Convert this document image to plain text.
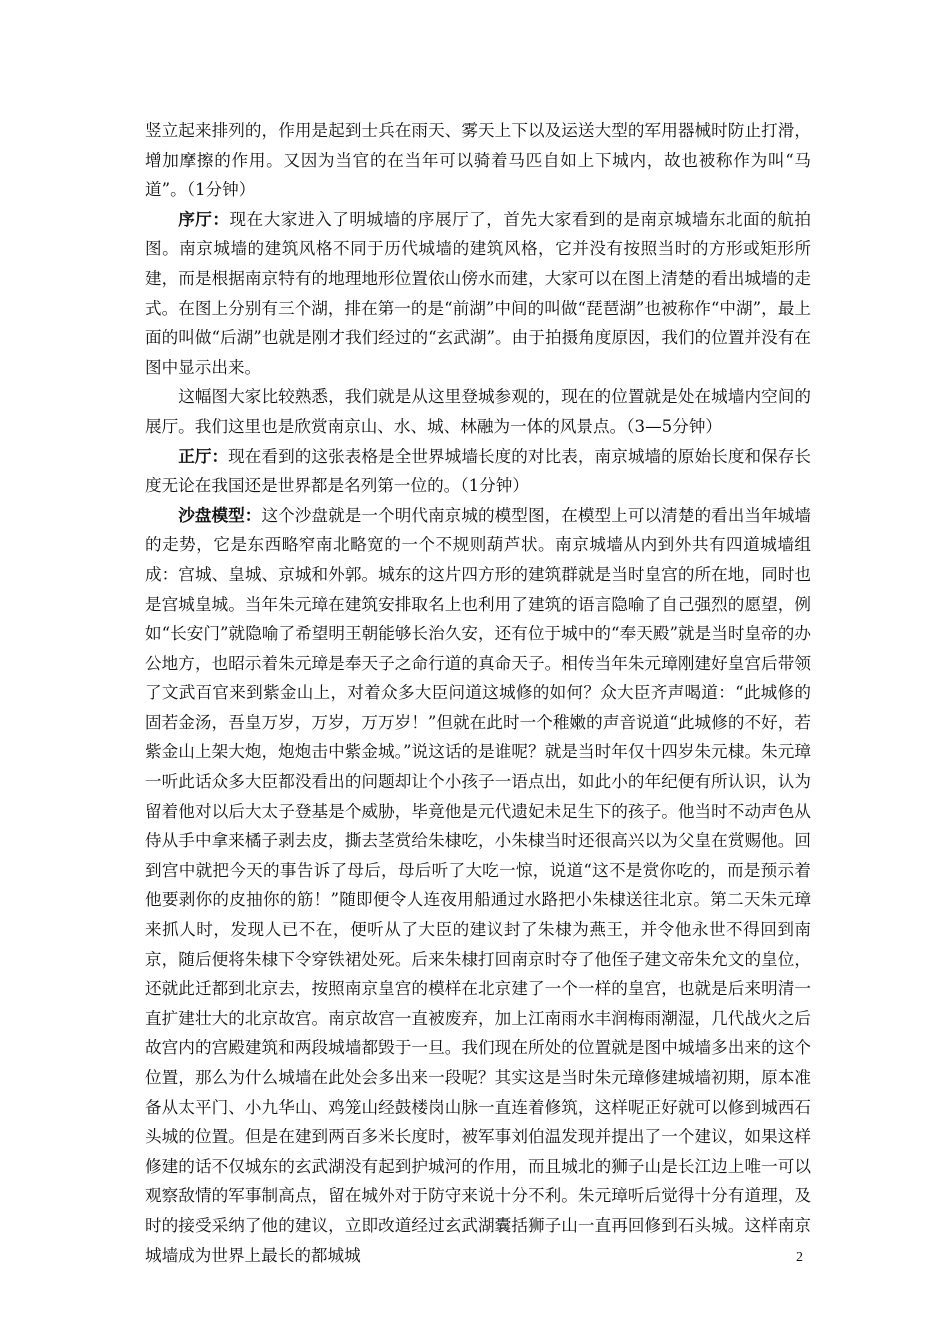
竖立起来排列的，作用是起到士兵在雨天、雾天上下以及运送大型的军用器械时防止打滑，增加摩擦的作用。又因为当官的在当年可以骑着马匹自如上下城内，故也被称作为叫“马道”。（1分钟）

序厅：现在大家进入了明城墙的序展厅了，首先大家看到的是南京城墙东北面的航拍图。南京城墙的建筑风格不同于历代城墙的建筑风格，它并没有按照当时的方形或矩形所建，而是根据南京特有的地理地形位置依山傍水而建，大家可以在图上清楚的看出城墙的走式。在图上分别有三个湖，排在第一的是“前湖”中间的叫做“琵琶湖”也被称作“中湖”，最上面的叫做“后湖”也就是刚才我们经过的“玄武湖”。由于拍摄角度原因，我们的位置并没有在图中显示出来。

这幅图大家比较熟悉，我们就是从这里登城参观的，现在的位置就是处在城墙内空间的展厅。我们这里也是欣赏南京山、水、城、林融为一体的风景点。（3—5分钟）

正厅：现在看到的这张表格是全世界城墙长度的对比表，南京城墙的原始长度和保存长度无论在我国还是世界都是名列第一位的。（1分钟）

沙盘模型：这个沙盘就是一个明代南京城的模型图，在模型上可以清楚的看出当年城墙的走势，它是东西略窄南北略宽的一个不规则葫芦状。南京城墙从内到外共有四道城墙组成：宫城、皇城、京城和外郭。城东的这片四方形的建筑群就是当时皇宫的所在地，同时也是宫城皇城。当年朱元璋在建筑安排取名上也利用了建筑的语言隐喻了自己强烈的愿望，例如“长安门”就隐喻了希望明王朝能够长治久安，还有位于城中的“奉天殿”就是当时皇帝的办公地方，也昭示着朱元璋是奉天子之命行道的真命天子。相传当年朱元璋刚建好皇宫后带领了文武百官来到紫金山上，对着众多大臣问道这城修的如何？众大臣齐声喝道：“此城修的固若金汤，吾皇万岁，万岁，万万岁！”但就在此时一个稚嫩的声音说道“此城修的不好，若紫金山上架大炮，炮炮击中紫金城。”说这话的是谁呢？就是当时年仅十四岁朱元棣。朱元璋一听此话众多大臣都没看出的问题却让个小孩子一语点出，如此小的年纪便有所认识，认为留着他对以后大太子登基是个威胁，毕竟他是元代遗妃未足生下的孩子。他当时不动声色从侍从手中拿来橘子剥去皮，撕去茎赏给朱棣吃，小朱棣当时还很高兴以为父皇在赏赐他。回到宫中就把今天的事告诉了母后，母后听了大吃一惊，说道“这不是赏你吃的，而是预示着他要剥你的皮抽你的筋！”随即便令人连夜用船通过水路把小朱棣送往北京。第二天朱元璋来抓人时，发现人已不在，便听从了大臣的建议封了朱棣为燕王，并令他永世不得回到南京，随后便将朱棣下令穿铁裙处死。后来朱棣打回南京时夺了他侄子建文帝朱允文的皇位，还就此迁都到北京去，按照南京皇宫的模样在北京建了一个一样的皇宫，也就是后来明清一直扩建壮大的北京故宫。南京故宫一直被废弃，加上江南雨水丰润梅雨潮湿，几代战火之后故宫内的宫殿建筑和两段城墙都毁于一旦。我们现在所处的位置就是图中城墙多出来的这个位置，那么为什么城墙在此处会多出来一段呢？其实这是当时朱元璋修建城墙初期，原本准备从太平门、小九华山、鸡笼山经鼓楼岗山脉一直连着修筑，这样呢正好就可以修到城西石头城的位置。但是在建到两百多米长度时，被军事刘伯温发现并提出了一个建议，如果这样修建的话不仅城东的玄武湖没有起到护城河的作用，而且城北的狮子山是长江边上唯一可以观察敌情的军事制高点，留在城外对于防守来说十分不利。朱元璋听后觉得十分有道理，及时的接受采纳了他的建议，立即改道经过玄武湖囊括狮子山一直再回修到石头城。这样南京城墙成为世界上最长的都城城	2
